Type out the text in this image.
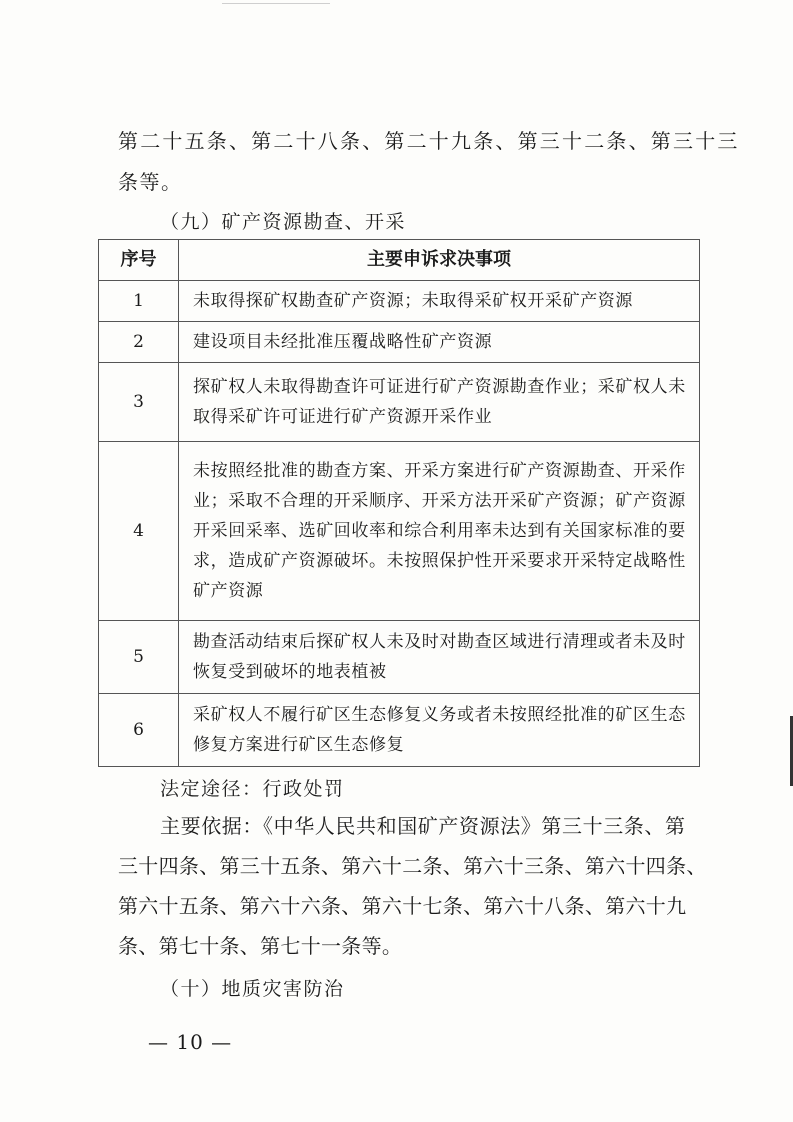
第二十五条、第二十八条、第二十九条、第三十二条、第三十三
条等。
（九）矿产资源勘查、开采
序号	主要申诉求决事项
1	未取得探矿权勘查矿产资源；未取得采矿权开采矿产资源
2	建设项目未经批准压覆战略性矿产资源
3	探矿权人未取得勘查许可证进行矿产资源勘查作业；采矿权人未取得采矿许可证进行矿产资源开采作业
4	未按照经批准的勘查方案、开采方案进行矿产资源勘查、开采作业；采取不合理的开采顺序、开采方法开采矿产资源；矿产资源开采回采率、选矿回收率和综合利用率未达到有关国家标准的要求，造成矿产资源破坏。未按照保护性开采要求开采特定战略性矿产资源
5	勘查活动结束后探矿权人未及时对勘查区域进行清理或者未及时恢复受到破坏的地表植被
6	采矿权人不履行矿区生态修复义务或者未按照经批准的矿区生态修复方案进行矿区生态修复
法定途径：行政处罚
主要依据：《中华人民共和国矿产资源法》第三十三条、第
三十四条、第三十五条、第六十二条、第六十三条、第六十四条、
第六十五条、第六十六条、第六十七条、第六十八条、第六十九
条、第七十条、第七十一条等。
（十）地质灾害防治
— 10 —
